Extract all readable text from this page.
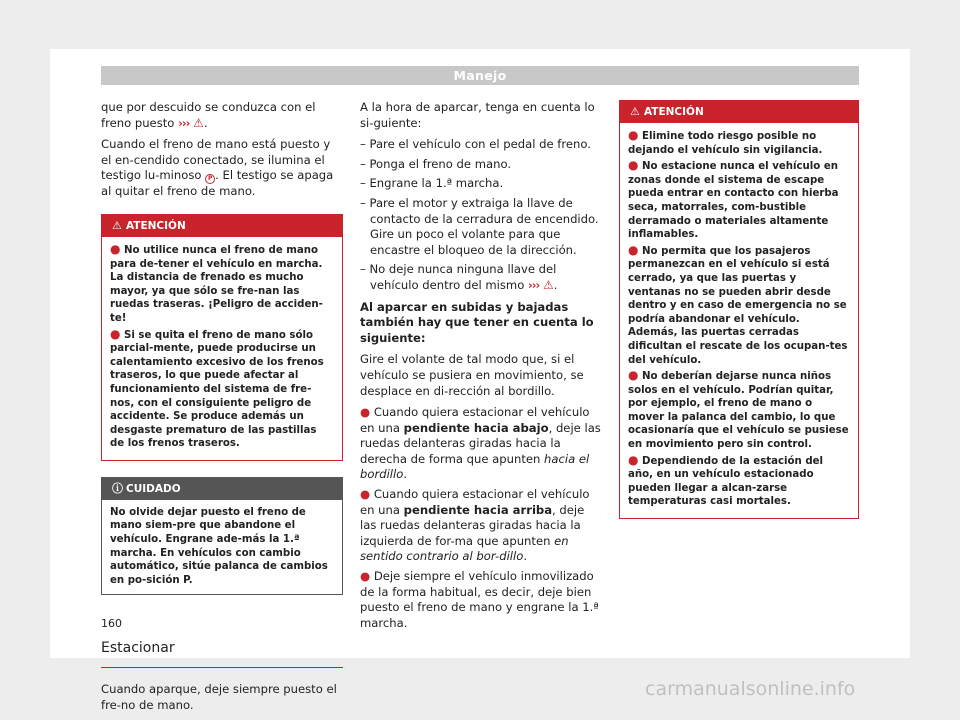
Manejo

que por descuido se conduzca con el freno puesto ››› ⚠.

Cuando el freno de mano está puesto y el en-cendido conectado, se ilumina el testigo lu-minoso P . El testigo se apaga al quitar el freno de mano.

⚠ ATENCIÓN
● No utilice nunca el freno de mano para de-tener el vehículo en marcha. La distancia de frenado es mucho mayor, ya que sólo se fre-nan las ruedas traseras. ¡Peligro de acciden-te!
● Si se quita el freno de mano sólo parcial-mente, puede producirse un calentamiento excesivo de los frenos traseros, lo que puede afectar al funcionamiento del sistema de fre-nos, con el consiguiente peligro de accidente. Se produce además un desgaste prematuro de las pastillas de los frenos traseros.
ⓘ CUIDADO
No olvide dejar puesto el freno de mano siem-pre que abandone el vehículo. Engrane ade-más la 1.ª marcha. En vehículos con cambio automático, sitúe palanca de cambios en po-sición P.
Estacionar

Cuando aparque, deje siempre puesto el fre-no de mano.

A la hora de aparcar, tenga en cuenta lo si-guiente:

– Pare el vehículo con el pedal de freno.
– Ponga el freno de mano.
– Engrane la 1.ª marcha.
– Pare el motor y extraiga la llave de contacto de la cerradura de encendido. Gire un poco el volante para que encastre el bloqueo de la dirección.
– No deje nunca ninguna llave del vehículo dentro del mismo ››› ⚠.

Al aparcar en subidas y bajadas también hay que tener en cuenta lo siguiente:

Gire el volante de tal modo que, si el vehículo se pusiera en movimiento, se desplace en di-rección al bordillo.

● Cuando quiera estacionar el vehículo en una pendiente hacia abajo, deje las ruedas delanteras giradas hacia la derecha de forma que apunten hacia el bordillo.
● Cuando quiera estacionar el vehículo en una pendiente hacia arriba, deje las ruedas delanteras giradas hacia la izquierda de for-ma que apunten en sentido contrario al bor-dillo.
● Deje siempre el vehículo inmovilizado de la forma habitual, es decir, deje bien puesto el freno de mano y engrane la 1.ª marcha.
⚠ ATENCIÓN
● Elimine todo riesgo posible no dejando el vehículo sin vigilancia.
● No estacione nunca el vehículo en zonas donde el sistema de escape pueda entrar en contacto con hierba seca, matorrales, com-bustible derramado o materiales altamente inflamables.
● No permita que los pasajeros permanezcan en el vehículo si está cerrado, ya que las puertas y ventanas no se pueden abrir desde dentro y en caso de emergencia no se podría abandonar el vehículo. Además, las puertas cerradas dificultan el rescate de los ocupan-tes del vehículo.
● No deberían dejarse nunca niños solos en el vehículo. Podrían quitar, por ejemplo, el freno de mano o mover la palanca del cambio, lo que ocasionaría que el vehículo se pusiese en movimiento pero sin control.
● Dependiendo de la estación del año, en un vehículo estacionado pueden llegar a alcan-zarse temperaturas casi mortales.
160
carmanualsonline.info
